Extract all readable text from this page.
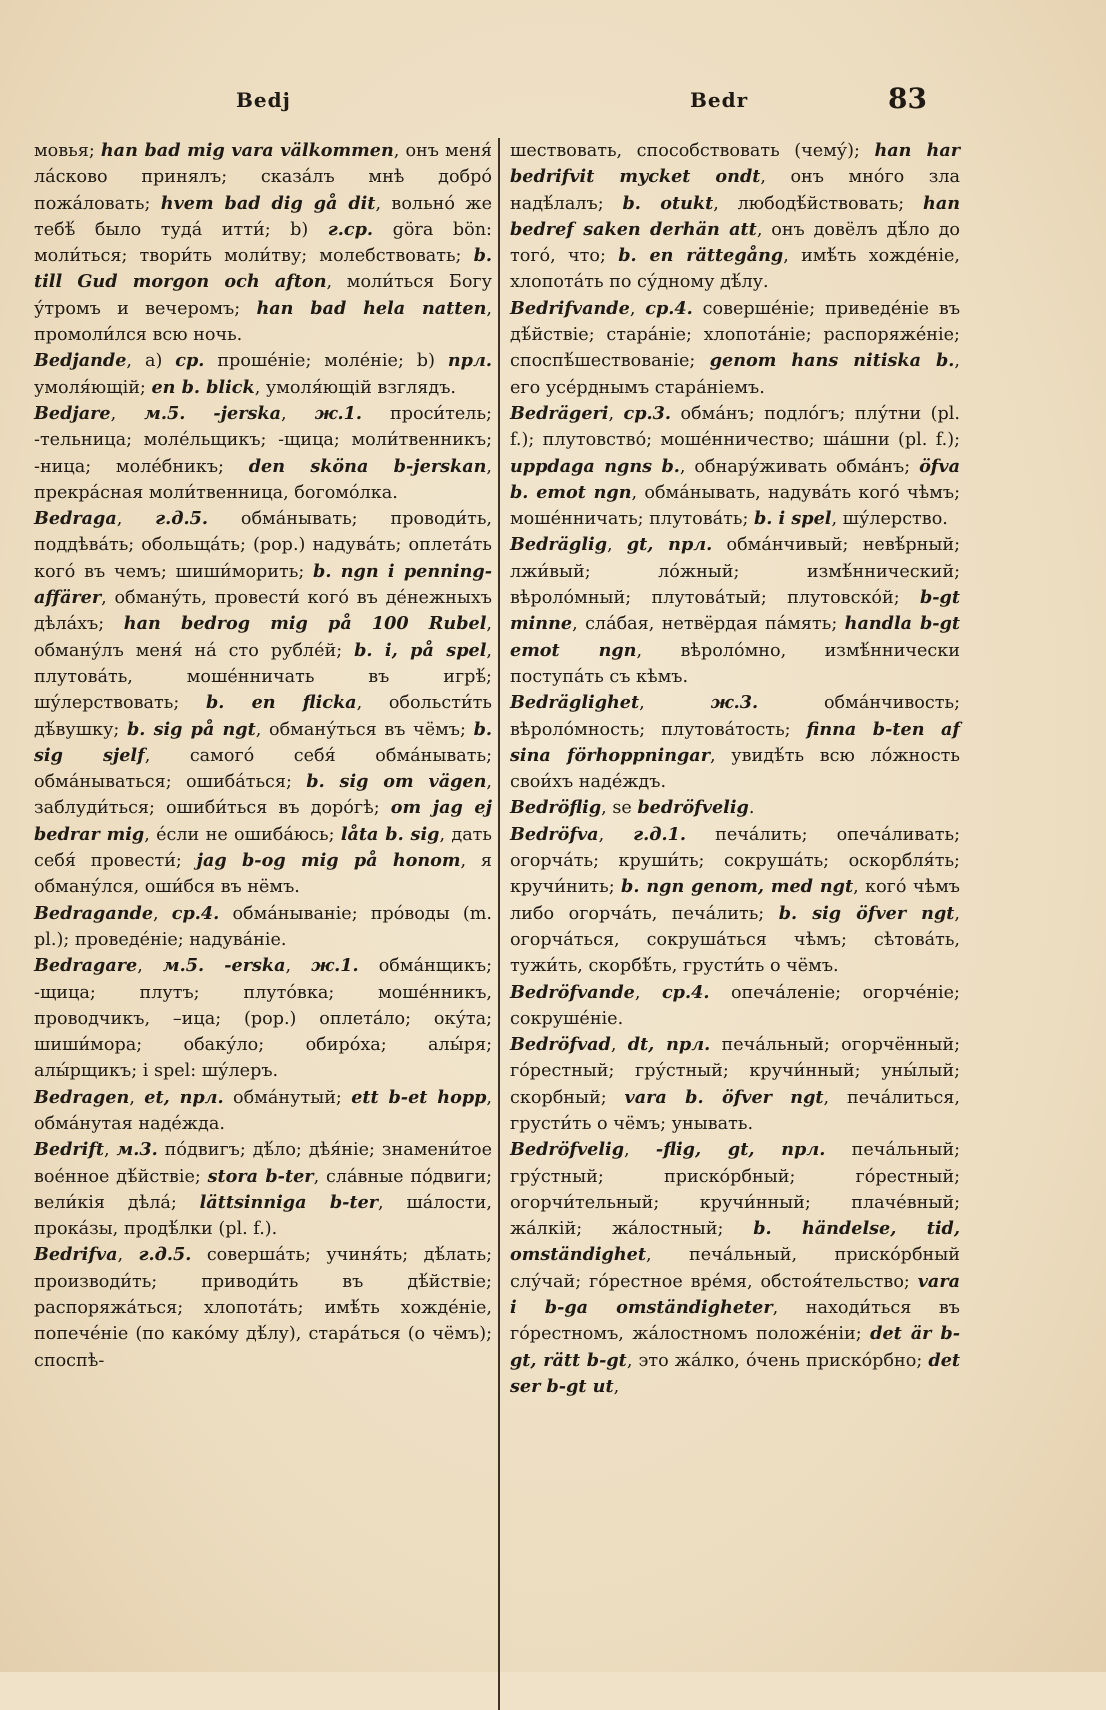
Bedj	Bedr	83

мовья; han bad mig vara välkommen, онъ меня́ ла́сково принялъ; сказа́лъ мнѣ добро́ пожа́ловать; hvem bad dig gå dit, вольно́ же тебѣ́ было туда́ итти́; b) г.ср. göra bön: моли́ться; твори́ть моли́тву; молебствовать; b. till Gud morgon och afton, моли́ться Богу у́тромъ и вечеромъ; han bad hela natten, промоли́лся всю ночь.

Bedjande, a) ср. проше́ніе; моле́ніе; b) прл. умоля́ющій; en b. blick, умоля́ющій взглядъ.

Bedjare, м.5. -jerska, ж.1. проси́тель; -тельница; моле́льщикъ; -щица; моли́твенникъ; -ница; моле́бникъ; den sköna b-jerskan, прекра́сная моли́твенница, богомо́лка.

Bedraga, г.д.5. обма́нывать; проводи́ть, поддѣва́ть; обольща́ть; (pop.) надува́ть; оплета́ть кого́ въ чемъ; шиши́морить; b. ngn i penning-affärer, обману́ть, провести́ кого́ въ де́нежныхъ дѣла́хъ; han bedrog mig på 100 Rubel, обману́лъ меня́ на́ сто рубле́й; b. i, på spel, плутова́ть, моше́нничать въ игрѣ́; шу́лерствовать; b. en flicka, обольсти́ть дѣ́вушку; b. sig på ngt, обману́ться въ чёмъ; b. sig sjelf, самого́ себя́ обма́нывать; обма́нываться; ошиба́ться; b. sig om vägen, заблуди́ться; ошиби́ться въ доро́гѣ; om jag ej bedrar mig, е́сли не ошиба́юсь; låta b. sig, дать себя́ провести́; jag b-og mig på honom, я обману́лся, оши́бся въ нёмъ.

Bedragande, ср.4. обма́нываніе; про́воды (m. pl.); проведе́ніе; надува́ніе.

Bedragare, м.5. -erska, ж.1. обма́нщикъ; -щица; плутъ; плуто́вка; моше́нникъ, проводчикъ, –ица; (pop.) оплета́ло; оку́та; шиши́мора; обаку́ло; обиро́ха; алы́ря; алы́рщикъ; i spel: шу́леръ.

Bedragen, et, прл. обма́нутый; ett b-et hopp, обма́нутая наде́жда.

Bedrift, м.3. по́двигъ; дѣ́ло; дѣя́ніе; знамени́тое вое́нное дѣ́йствіе; stora b-ter, сла́вные по́двиги; вели́кія дѣла́; lättsinniga b-ter, ша́лости, прока́зы, продѣ́лки (pl. f.).

Bedrifva, г.д.5. соверша́ть; учиня́ть; дѣ́лать; производи́ть; приводи́ть въ дѣ́йствіе; распоряжа́ться; хлопота́ть; имѣ́ть хожде́ніе, попече́ніе (по како́му дѣ́лу), стара́ться (о чёмъ); споспѣ-

шествовать, способствовать (чему́); han har bedrifvit mycket ondt, онъ мно́го зла надѣ́лалъ; b. otukt, любодѣ́йствовать; han bedref saken derhän att, онъ довёлъ дѣ́ло до того́, что; b. en rättegång, имѣ́ть хожде́ніе, хлопота́ть по су́дному дѣ́лу.

Bedrifvande, ср.4. соверше́ніе; приведе́ніе въ дѣ́йствіе; стара́ніе; хлопота́ніе; распоряже́ніе; споспѣ́шествованіе; genom hans nitiska b., его усе́рднымъ стара́ніемъ.

Bedrägeri, ср.3. обма́нъ; подло́гъ; плу́тни (pl. f.); плутовство́; моше́нничество; ша́шни (pl. f.); uppdaga ngns b., обнару́живать обма́нъ; öfva b. emot ngn, обма́нывать, надува́ть кого́ чѣмъ; моше́нничать; плутова́ть; b. i spel, шу́лерство.

Bedräglig, gt, прл. обма́нчивый; невѣ́рный; лжи́вый; ло́жный; измѣ́ннический; вѣроло́мный; плутова́тый; плутовско́й; b-gt minne, сла́бая, нетвёрдая па́мять; handla b-gt emot ngn, вѣроло́мно, измѣ́ннически поступа́ть съ кѣмъ.

Bedräglighet, ж.3. обма́нчивость; вѣроло́мность; плутова́тость; finna b-ten af sina förhoppningar, увидѣ́ть всю ло́жность свои́хъ наде́ждъ.

Bedröflig, se bedröfvelig.

Bedröfva, г.д.1. печа́лить; опеча́ливать; огорча́ть; круши́ть; сокруша́ть; оскорбля́ть; кручи́нить; b. ngn genom, med ngt, кого́ чѣмъ либо огорча́ть, печа́лить; b. sig öfver ngt, огорча́ться, сокруша́ться чѣмъ; сѣтова́ть, тужи́ть, скорбѣ́ть, грусти́ть о чёмъ.

Bedröfvande, ср.4. опеча́леніе; огорче́ніе; сокруше́ніе.

Bedröfvad, dt, прл. печа́льный; огорчённый; го́рестный; гру́стный; кручи́нный; уны́лый; скорбный; vara b. öfver ngt, печа́литься, грусти́ть о чёмъ; унывать.

Bedröfvelig, -flig, gt, прл. печа́льный; гру́стный; приско́рбный; го́рестный; огорчи́тельный; кручи́нный; плаче́вный; жа́лкій; жа́лостный; b. händelse, tid, omständighet, печа́льный, приско́рбный слу́чай; го́рестное вре́мя, обстоя́тельство; vara i b-ga omständigheter, находи́ться въ го́рестномъ, жа́лостномъ положе́ніи; det är b-gt, rätt b-gt, это жа́лко, о́чень приско́рбно; det ser b-gt ut,
